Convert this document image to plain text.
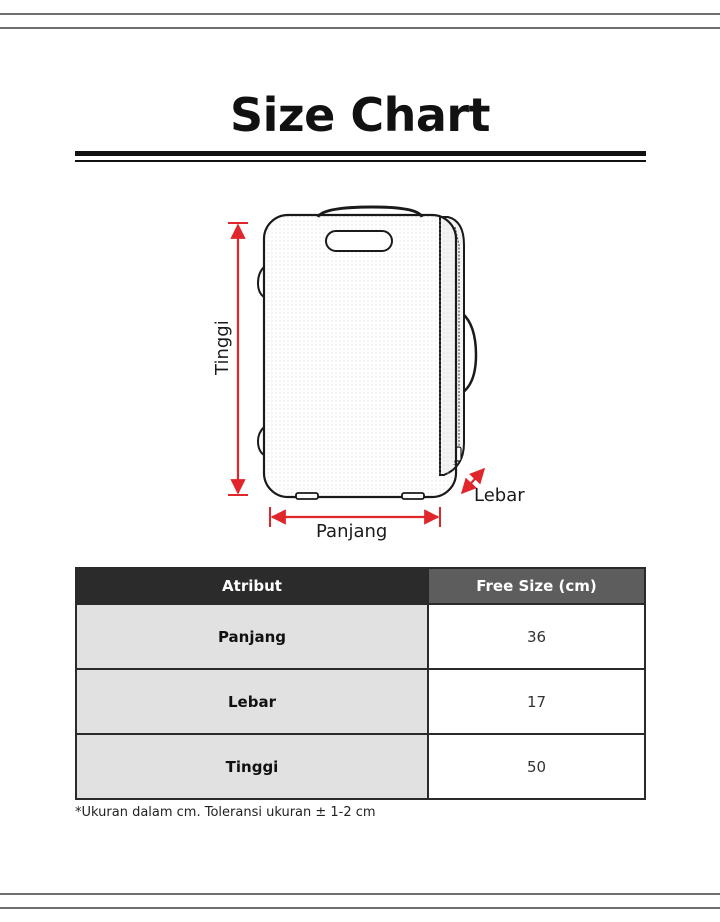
Size Chart
Tinggi
Panjang
Lebar
Atribut	Free Size (cm)
Panjang	36
Lebar	17
Tinggi	50
*Ukuran dalam cm. Toleransi ukuran ± 1-2 cm
